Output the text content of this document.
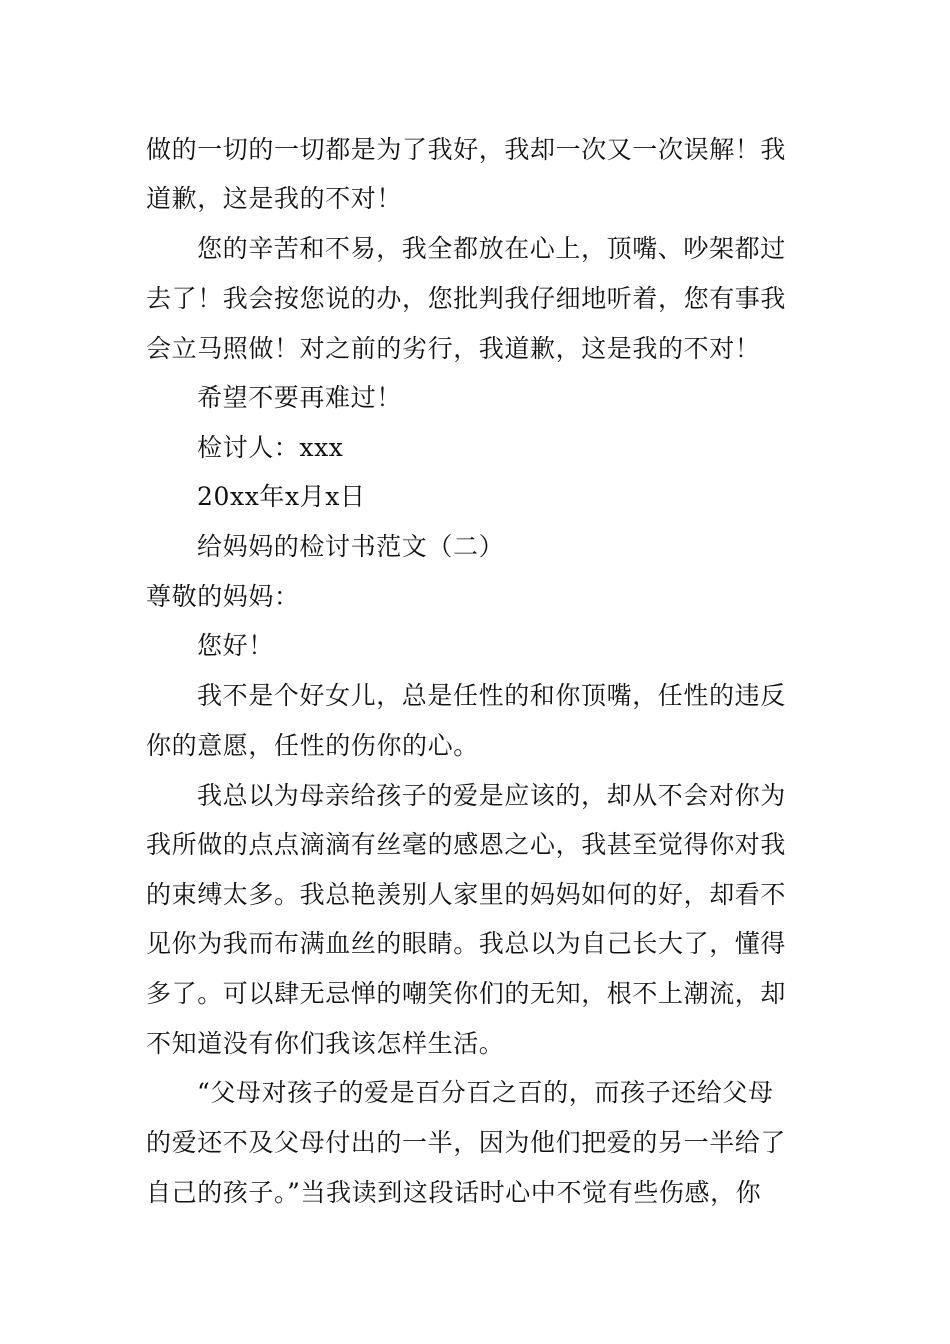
做的一切的一切都是为了我好，我却一次又一次误解！我
道歉，这是我的不对！
您的辛苦和不易，我全都放在心上，顶嘴、吵架都过
去了！我会按您说的办，您批判我仔细地听着，您有事我
会立马照做！对之前的劣行，我道歉，这是我的不对！
希望不要再难过！
检讨人：xxx
20xx年x月x日
给妈妈的检讨书范文（二）
尊敬的妈妈：
您好！
我不是个好女儿，总是任性的和你顶嘴，任性的违反
你的意愿，任性的伤你的心。
我总以为母亲给孩子的爱是应该的，却从不会对你为
我所做的点点滴滴有丝毫的感恩之心，我甚至觉得你对我
的束缚太多。我总艳羡别人家里的妈妈如何的好，却看不
见你为我而布满血丝的眼睛。我总以为自己长大了，懂得
多了。可以肆无忌惮的嘲笑你们的无知，根不上潮流，却
不知道没有你们我该怎样生活。
“父母对孩子的爱是百分百之百的，而孩子还给父母
的爱还不及父母付出的一半，因为他们把爱的另一半给了
自己的孩子。”当我读到这段话时心中不觉有些伤感，你
